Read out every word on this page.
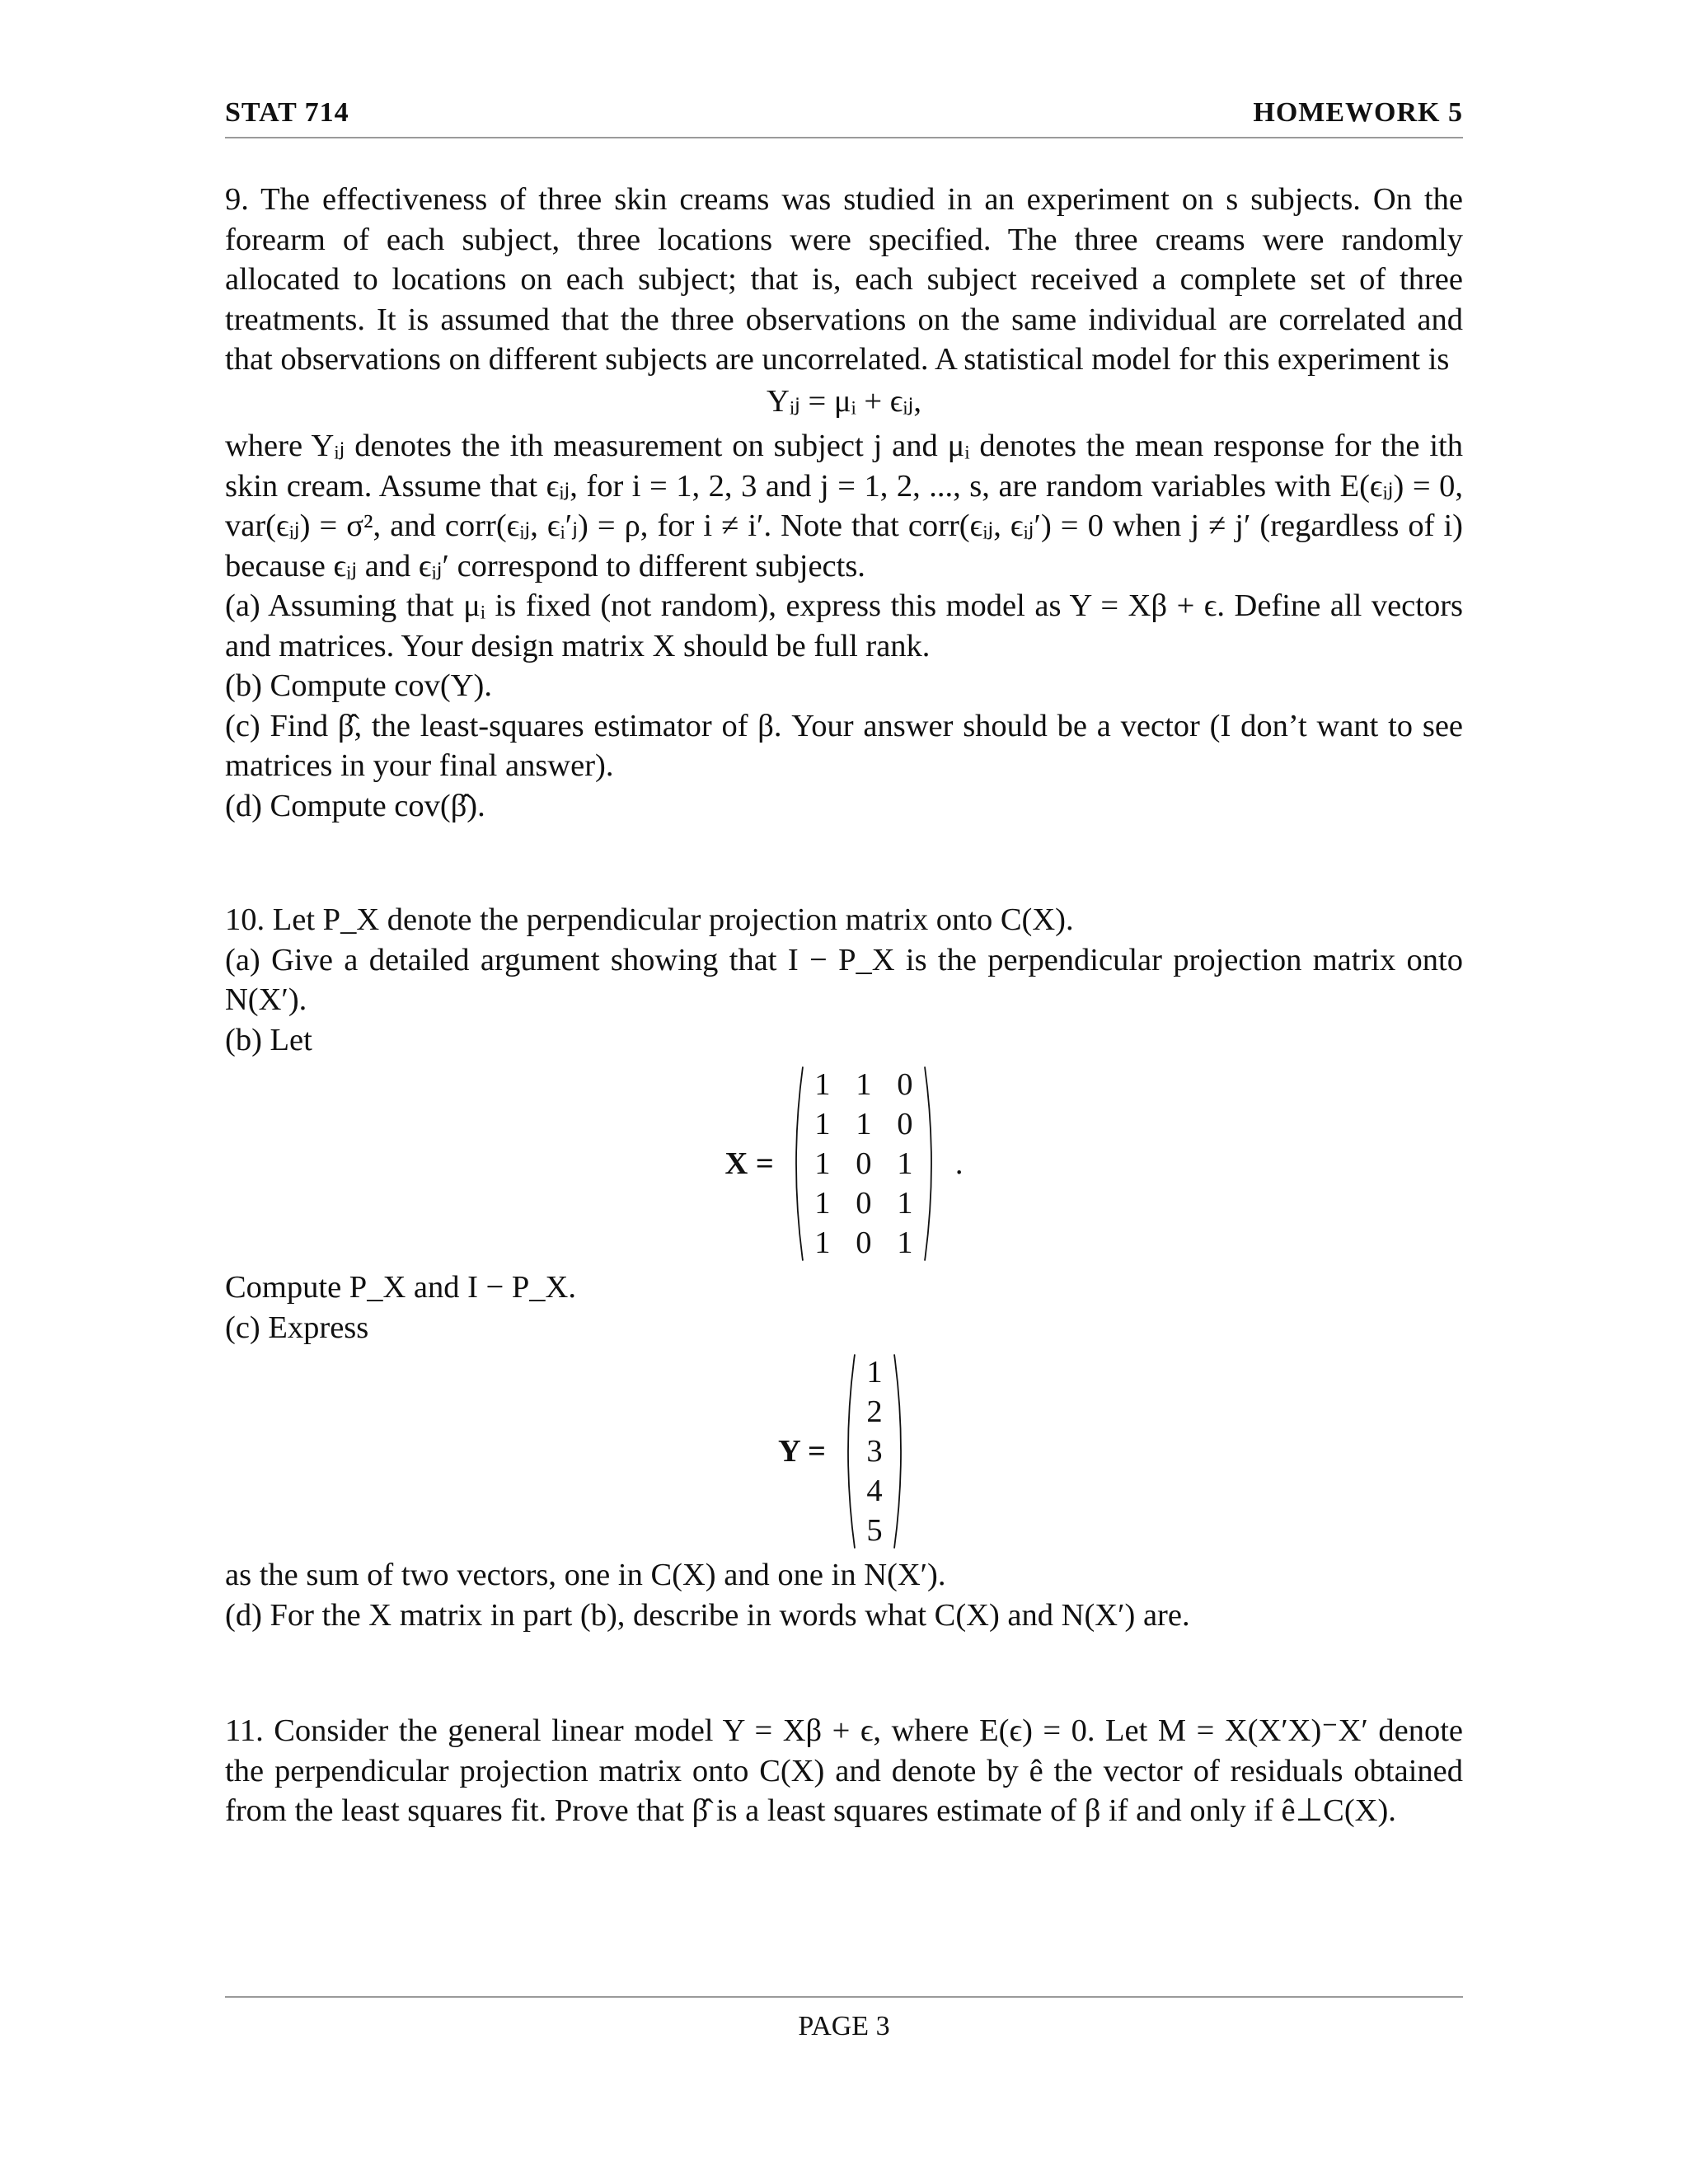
STAT 714	HOMEWORK 5

9. The effectiveness of three skin creams was studied in an experiment on s subjects. On the forearm of each subject, three locations were specified. The three creams were randomly allocated to locations on each subject; that is, each subject received a complete set of three treatments. It is assumed that the three observations on the same individual are correlated and that observations on different subjects are uncorrelated. A statistical model for this experiment is

Yᵢⱼ = μᵢ + ϵᵢⱼ,

where Yᵢⱼ denotes the ith measurement on subject j and μᵢ denotes the mean response for the ith skin cream. Assume that ϵᵢⱼ, for i = 1, 2, 3 and j = 1, 2, ..., s, are random variables with E(ϵᵢⱼ) = 0, var(ϵᵢⱼ) = σ², and corr(ϵᵢⱼ, ϵᵢ′ⱼ) = ρ, for i ≠ i′. Note that corr(ϵᵢⱼ, ϵᵢⱼ′) = 0 when j ≠ j′ (regardless of i) because ϵᵢⱼ and ϵᵢⱼ′ correspond to different subjects.

(a) Assuming that μᵢ is fixed (not random), express this model as Y = Xβ + ϵ. Define all vectors and matrices. Your design matrix X should be full rank.

(b) Compute cov(Y).

(c) Find β̂, the least-squares estimator of β. Your answer should be a vector (I don’t want to see matrices in your final answer).

(d) Compute cov(β̂).

10. Let P_X denote the perpendicular projection matrix onto C(X).

(a) Give a detailed argument showing that I − P_X is the perpendicular projection matrix onto N(X′).

(b) Let

X =
1 1 0
1 1 0
1 0 1
1 0 1
1 0 1
.

Compute P_X and I − P_X.

(c) Express

Y =
1
2
3
4
5

as the sum of two vectors, one in C(X) and one in N(X′).

(d) For the X matrix in part (b), describe in words what C(X) and N(X′) are.

11. Consider the general linear model Y = Xβ + ϵ, where E(ϵ) = 0. Let M = X(X′X)⁻X′ denote the perpendicular projection matrix onto C(X) and denote by ê the vector of residuals obtained from the least squares fit. Prove that β̂ is a least squares estimate of β if and only if ê⊥C(X).

PAGE 3
